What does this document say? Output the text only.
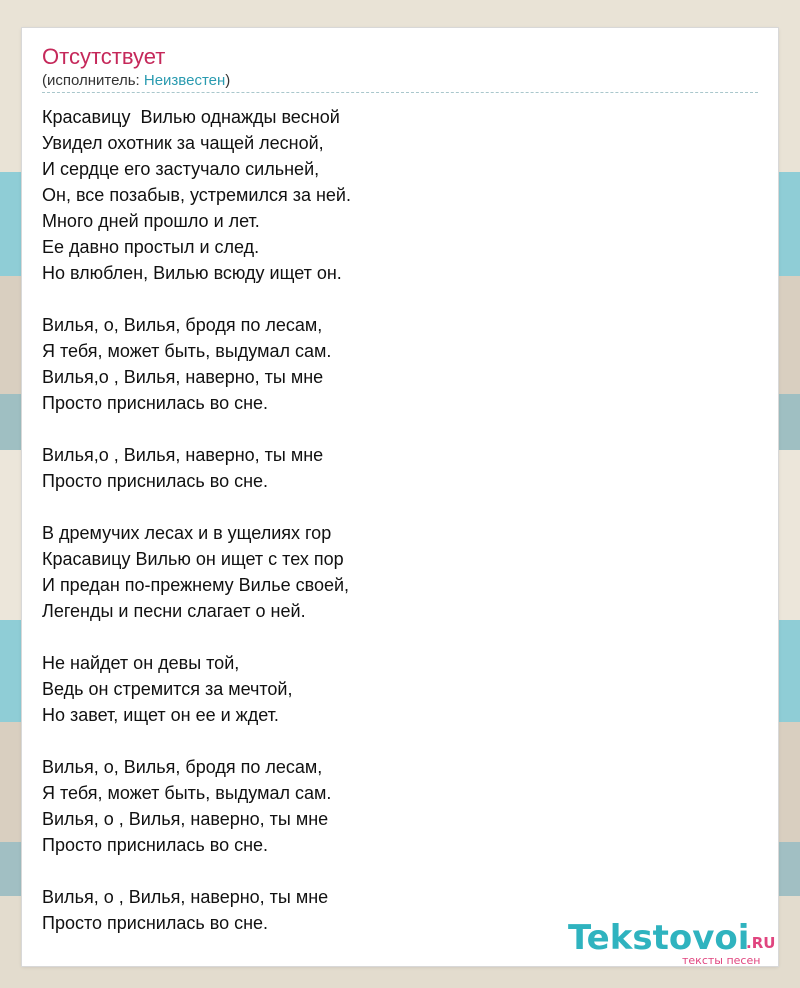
Отсутствует
(исполнитель: Неизвестен)
Красавицу  Вилью однажды весной
Увидел охотник за чащей лесной,
И сердце его застучало сильней,
Он, все позабыв, устремился за ней.
Много дней прошло и лет.
Ее давно простыл и след.
Но влюблен, Вилью всюду ищет он.
Вилья, о, Вилья, бродя по лесам,
Я тебя, может быть, выдумал сам.
Вилья,о , Вилья, наверно, ты мне
Просто приснилась во сне.
Вилья,о , Вилья, наверно, ты мне
Просто приснилась во сне.
В дремучих лесах и в ущелиях гор
Красавицу Вилью он ищет с тех пор
И предан по-прежнему Вилье своей,
Легенды и песни слагает о ней.
Не найдет он девы той,
Ведь он стремится за мечтой,
Но завет, ищет он ее и ждет.
Вилья, о, Вилья, бродя по лесам,
Я тебя, может быть, выдумал сам.
Вилья, о , Вилья, наверно, ты мне
Просто приснилась во сне.
Вилья, о , Вилья, наверно, ты мне
Просто приснилась во сне.	Tekstovoi
.RU
тексты песен
